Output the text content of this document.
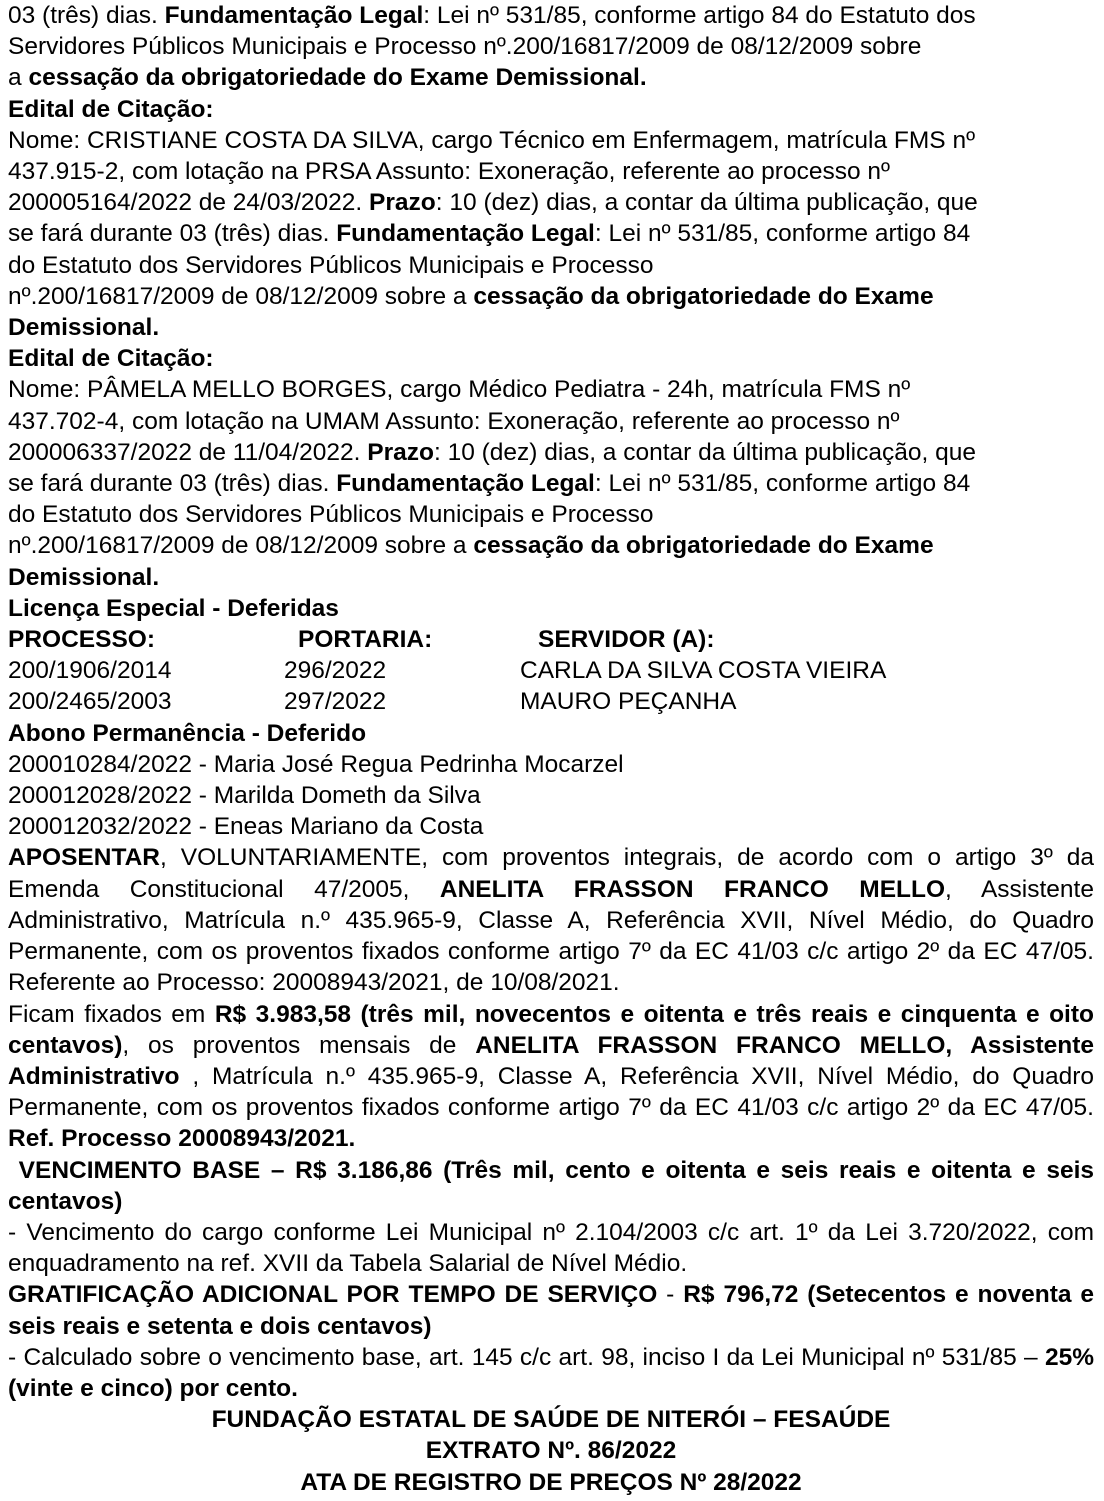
03 (três) dias. Fundamentação Legal: Lei nº 531/85, conforme artigo 84 do Estatuto dos

Servidores Públicos Municipais e Processo nº.200/16817/2009 de 08/12/2009 sobre

a cessação da obrigatoriedade do Exame Demissional.

Edital de Citação:

Nome: CRISTIANE COSTA DA SILVA, cargo Técnico em Enfermagem, matrícula FMS nº

437.915-2, com lotação na PRSA Assunto: Exoneração, referente ao processo nº

200005164/2022 de 24/03/2022. Prazo: 10 (dez) dias, a contar da última publicação, que

se fará durante 03 (três) dias. Fundamentação Legal: Lei nº 531/85, conforme artigo 84

do Estatuto dos Servidores Públicos Municipais e Processo

nº.200/16817/2009 de 08/12/2009 sobre a cessação da obrigatoriedade do Exame

Demissional.

Edital de Citação:

Nome: PÂMELA MELLO BORGES, cargo Médico Pediatra - 24h, matrícula FMS nº

437.702-4, com lotação na UMAM Assunto: Exoneração, referente ao processo nº

200006337/2022 de 11/04/2022. Prazo: 10 (dez) dias, a contar da última publicação, que

se fará durante 03 (três) dias. Fundamentação Legal: Lei nº 531/85, conforme artigo 84

do Estatuto dos Servidores Públicos Municipais e Processo

nº.200/16817/2009 de 08/12/2009 sobre a cessação da obrigatoriedade do Exame

Demissional.

Licença Especial - Deferidas

PROCESSO:	PORTARIA:	SERVIDOR (A):
200/1906/2014	296/2022	CARLA DA SILVA COSTA VIEIRA
200/2465/2003	297/2022	MAURO PEÇANHA

Abono Permanência - Deferido

200010284/2022 - Maria José Regua Pedrinha Mocarzel

200012028/2022 - Marilda Dometh da Silva

200012032/2022 - Eneas Mariano da Costa

APOSENTAR, VOLUNTARIAMENTE, com proventos integrais, de acordo com o artigo 3º da Emenda Constitucional 47/2005, ANELITA FRASSON FRANCO MELLO, Assistente Administrativo, Matrícula n.º 435.965-9, Classe A, Referência XVII, Nível Médio, do Quadro Permanente, com os proventos fixados conforme artigo 7º da EC 41/03 c/c artigo 2º da EC 47/05. Referente ao Processo: 20008943/2021, de 10/08/2021.

Ficam fixados em R$ 3.983,58 (três mil, novecentos e oitenta e três reais e cinquenta e oito centavos), os proventos mensais de ANELITA FRASSON FRANCO MELLO, Assistente Administrativo , Matrícula n.º 435.965-9, Classe A, Referência XVII, Nível Médio, do Quadro Permanente, com os proventos fixados conforme artigo 7º da EC 41/03 c/c artigo 2º da EC 47/05. Ref. Processo 20008943/2021.

VENCIMENTO BASE – R$ 3.186,86 (Três mil, cento e oitenta e seis reais e oitenta e seis centavos)

- Vencimento do cargo conforme Lei Municipal nº 2.104/2003 c/c art. 1º da Lei 3.720/2022, com enquadramento na ref. XVII da Tabela Salarial de Nível Médio.

GRATIFICAÇÃO ADICIONAL POR TEMPO DE SERVIÇO - R$ 796,72 (Setecentos e noventa e seis reais e setenta e dois centavos)

- Calculado sobre o vencimento base, art. 145 c/c art. 98, inciso I da Lei Municipal nº 531/85 – 25% (vinte e cinco) por cento.

FUNDAÇÃO ESTATAL DE SAÚDE DE NITERÓI – FESAÚDE

EXTRATO Nº. 86/2022

ATA DE REGISTRO DE PREÇOS Nº 28/2022
